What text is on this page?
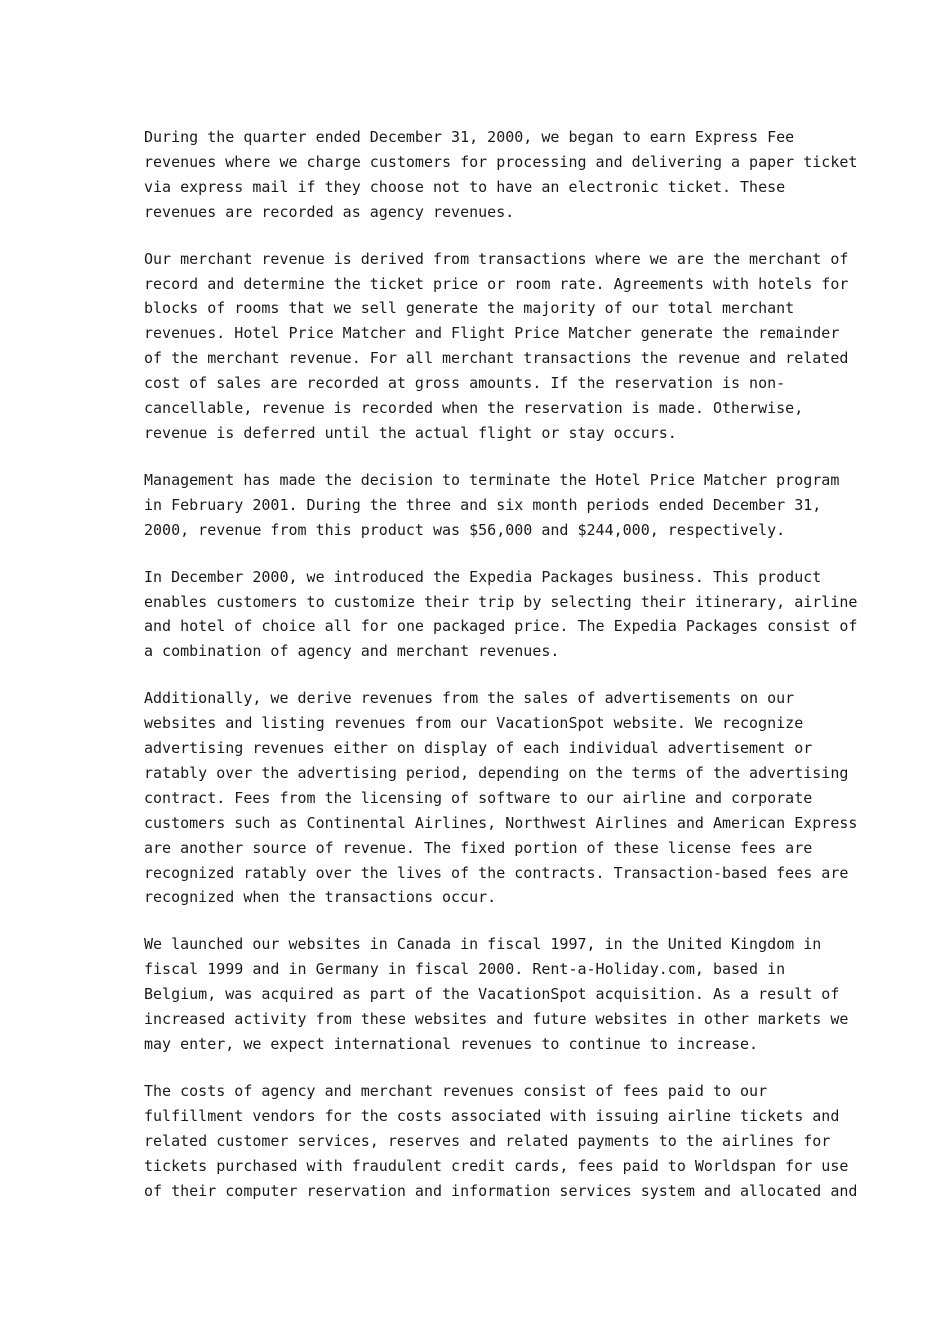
During the quarter ended December 31, 2000, we began to earn Express Fee
revenues where we charge customers for processing and delivering a paper ticket
via express mail if they choose not to have an electronic ticket. These
revenues are recorded as agency revenues.
Our merchant revenue is derived from transactions where we are the merchant of
record and determine the ticket price or room rate. Agreements with hotels for
blocks of rooms that we sell generate the majority of our total merchant
revenues. Hotel Price Matcher and Flight Price Matcher generate the remainder
of the merchant revenue. For all merchant transactions the revenue and related
cost of sales are recorded at gross amounts. If the reservation is non-
cancellable, revenue is recorded when the reservation is made. Otherwise,
revenue is deferred until the actual flight or stay occurs.
Management has made the decision to terminate the Hotel Price Matcher program
in February 2001. During the three and six month periods ended December 31,
2000, revenue from this product was $56,000 and $244,000, respectively.
In December 2000, we introduced the Expedia Packages business. This product
enables customers to customize their trip by selecting their itinerary, airline
and hotel of choice all for one packaged price. The Expedia Packages consist of
a combination of agency and merchant revenues.
Additionally, we derive revenues from the sales of advertisements on our
websites and listing revenues from our VacationSpot website. We recognize
advertising revenues either on display of each individual advertisement or
ratably over the advertising period, depending on the terms of the advertising
contract. Fees from the licensing of software to our airline and corporate
customers such as Continental Airlines, Northwest Airlines and American Express
are another source of revenue. The fixed portion of these license fees are
recognized ratably over the lives of the contracts. Transaction-based fees are
recognized when the transactions occur.
We launched our websites in Canada in fiscal 1997, in the United Kingdom in
fiscal 1999 and in Germany in fiscal 2000. Rent-a-Holiday.com, based in
Belgium, was acquired as part of the VacationSpot acquisition. As a result of
increased activity from these websites and future websites in other markets we
may enter, we expect international revenues to continue to increase.
The costs of agency and merchant revenues consist of fees paid to our
fulfillment vendors for the costs associated with issuing airline tickets and
related customer services, reserves and related payments to the airlines for
tickets purchased with fraudulent credit cards, fees paid to Worldspan for use
of their computer reservation and information services system and allocated and
